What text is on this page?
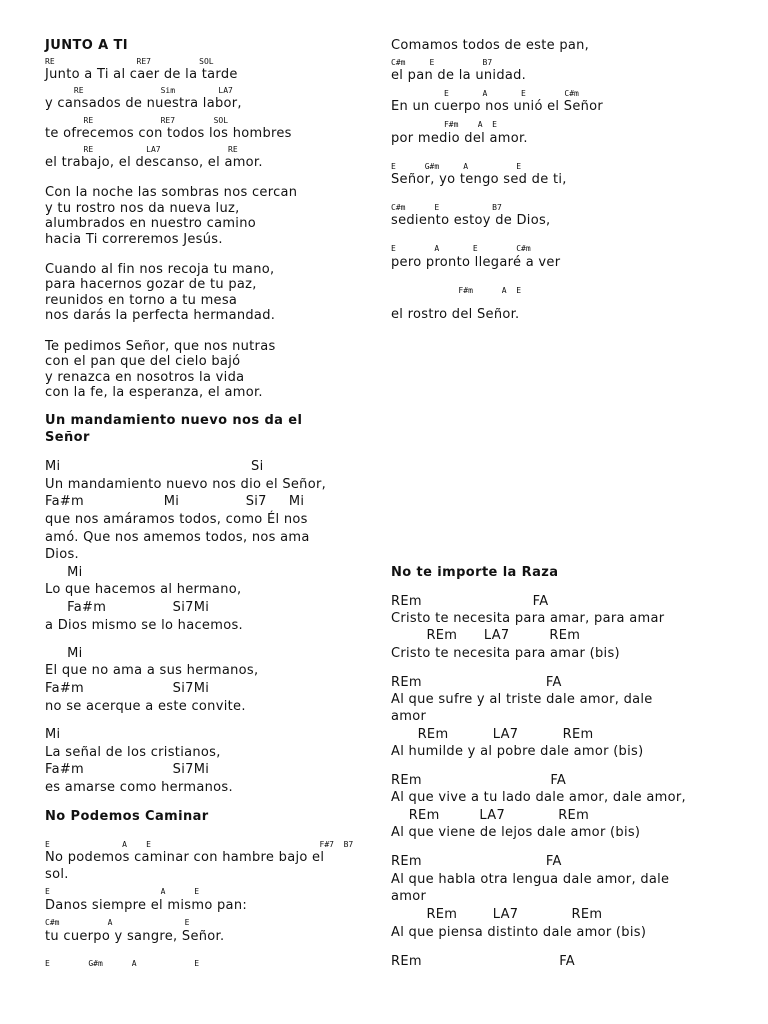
JUNTO A TI
RE                 RE7          SOL
Junto a Ti al caer de la tarde
RE                Sim         LA7
y cansados de nuestra labor,
RE              RE7        SOL
te ofrecemos con todos los hombres
RE           LA7              RE
el trabajo, el descanso, el amor.
Con la noche las sombras nos cercan
y tu rostro nos da nueva luz,
alumbrados en nuestro camino
hacia Ti correremos Jesús.
Cuando al fin nos recoja tu mano,
para hacernos gozar de tu paz,
reunidos en torno a tu mesa
nos darás la perfecta hermandad.
Te pedimos Señor, que nos nutras
con el pan que del cielo bajó
y renazca en nosotros la vida
con la fe, la esperanza, el amor.
Un mandamiento nuevo nos da el
Señor
Mi                                           Si
Un mandamiento nuevo nos dio el Señor,
Fa#m                  Mi               Si7     Mi
que nos amáramos todos, como Él nos
amó. Que nos amemos todos, nos ama
Dios.
Mi
Lo que hacemos al hermano,
Fa#m               Si7Mi
a Dios mismo se lo hacemos.
Mi
El que no ama a sus hermanos,
Fa#m                    Si7Mi
no se acerque a este convite.
Mi
La señal de los cristianos,
Fa#m                    Si7Mi
es amarse como hermanos.
No Podemos Caminar
E               A    E                                   F#7  B7
No podemos caminar con hambre bajo el
sol.
E                       A      E
Danos siempre el mismo pan:
C#m          A               E
tu cuerpo y sangre, Señor.
E        G#m      A            E
Comamos todos de este pan,
C#m     E          B7
el pan de la unidad.
E       A       E        C#m
En un cuerpo nos unió el Señor
F#m    A  E
por medio del amor.
E      G#m     A          E
Señor, yo tengo sed de ti,
C#m      E           B7
sediento estoy de Dios,
E        A       E        C#m
pero pronto llegaré a ver
F#m      A  E
el rostro del Señor.
No te importe la Raza
REm                         FA
Cristo te necesita para amar, para amar
REm      LA7         REm
Cristo te necesita para amar (bis)
REm                            FA
Al que sufre y al triste dale amor, dale
amor
REm          LA7          REm
Al humilde y al pobre dale amor (bis)
REm                             FA
Al que vive a tu lado dale amor, dale amor,
REm         LA7            REm
Al que viene de lejos dale amor (bis)
REm                            FA
Al que habla otra lengua dale amor, dale
amor
REm        LA7            REm
Al que piensa distinto dale amor (bis)
REm                               FA
